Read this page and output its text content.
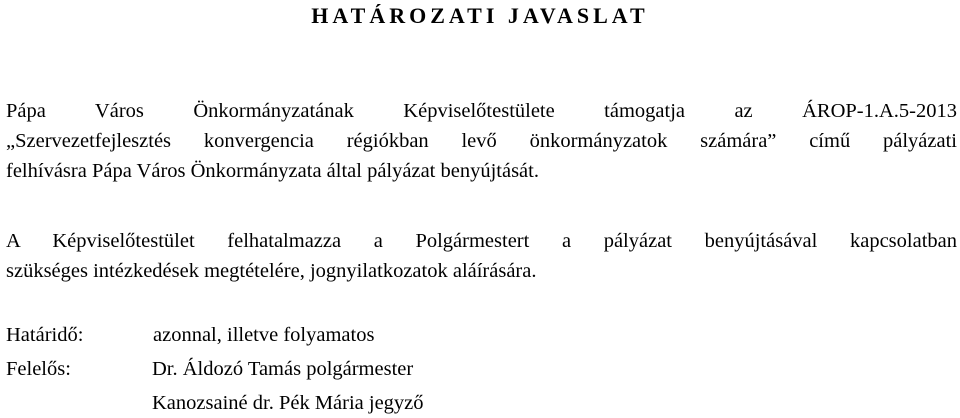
HATÁROZATI JAVASLAT
Pápa Város Önkormányzatának Képviselőtestülete támogatja az ÁROP-1.A.5-2013
„Szervezetfejlesztés konvergencia régiókban levő önkormányzatok számára” című pályázati
felhívásra Pápa Város Önkormányzata által pályázat benyújtását.
A Képviselőtestület felhatalmazza a Polgármestert a pályázat benyújtásával kapcsolatban
szükséges intézkedések megtételére, jognyilatkozatok aláírására.
Határidő:	azonnal, illetve folyamatos
Felelős:	Dr. Áldozó Tamás polgármester
Kanozsainé dr. Pék Mária jegyző
